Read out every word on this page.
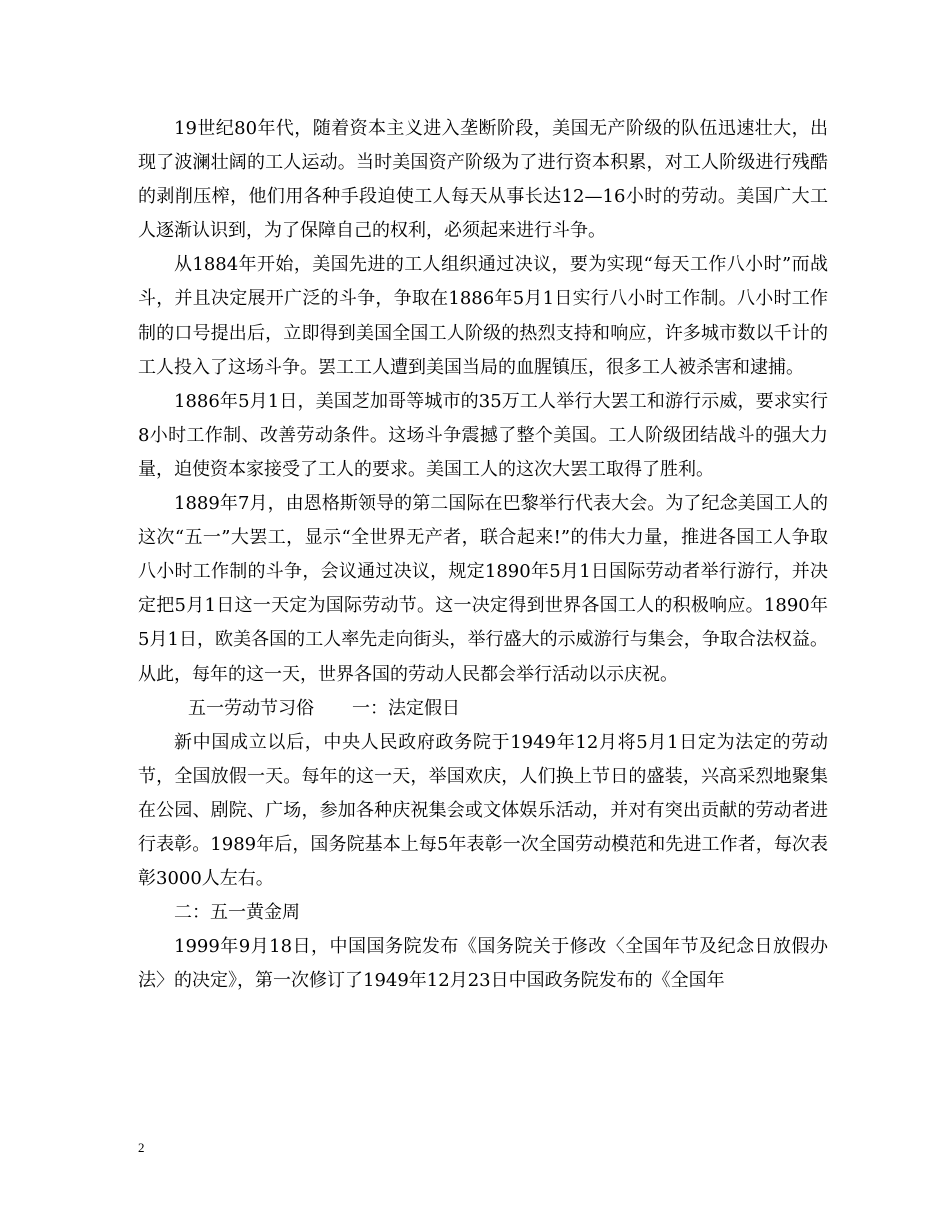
19世纪80年代，随着资本主义进入垄断阶段，美国无产阶级的队伍迅速壮大，出现了波澜壮阔的工人运动。当时美国资产阶级为了进行资本积累，对工人阶级进行残酷的剥削压榨，他们用各种手段迫使工人每天从事长达12—16小时的劳动。美国广大工人逐渐认识到，为了保障自己的权利，必须起来进行斗争。

从1884年开始，美国先进的工人组织通过决议，要为实现“每天工作八小时”而战斗，并且决定展开广泛的斗争，争取在1886年5月1日实行八小时工作制。八小时工作制的口号提出后，立即得到美国全国工人阶级的热烈支持和响应，许多城市数以千计的工人投入了这场斗争。罢工工人遭到美国当局的血腥镇压，很多工人被杀害和逮捕。

1886年5月1日，美国芝加哥等城市的35万工人举行大罢工和游行示威，要求实行8小时工作制、改善劳动条件。这场斗争震撼了整个美国。工人阶级团结战斗的强大力量，迫使资本家接受了工人的要求。美国工人的这次大罢工取得了胜利。

1889年7月，由恩格斯领导的第二国际在巴黎举行代表大会。为了纪念美国工人的这次“五一”大罢工，显示“全世界无产者，联合起来!”的伟大力量，推进各国工人争取八小时工作制的斗争，会议通过决议，规定1890年5月1日国际劳动者举行游行，并决定把5月1日这一天定为国际劳动节。这一决定得到世界各国工人的积极响应。1890年5月1日，欧美各国的工人率先走向街头，举行盛大的示威游行与集会，争取合法权益。从此，每年的这一天，世界各国的劳动人民都会举行活动以示庆祝。

五一劳动节习俗 一：法定假日

新中国成立以后，中央人民政府政务院于1949年12月将5月1日定为法定的劳动节，全国放假一天。每年的这一天，举国欢庆，人们换上节日的盛装，兴高采烈地聚集在公园、剧院、广场，参加各种庆祝集会或文体娱乐活动，并对有突出贡献的劳动者进行表彰。1989年后，国务院基本上每5年表彰一次全国劳动模范和先进工作者，每次表彰3000人左右。

二：五一黄金周

1999年9月18日，中国国务院发布《国务院关于修改〈全国年节及纪念日放假办法〉的决定》，第一次修订了1949年12月23日中国政务院发布的《全国年

2
